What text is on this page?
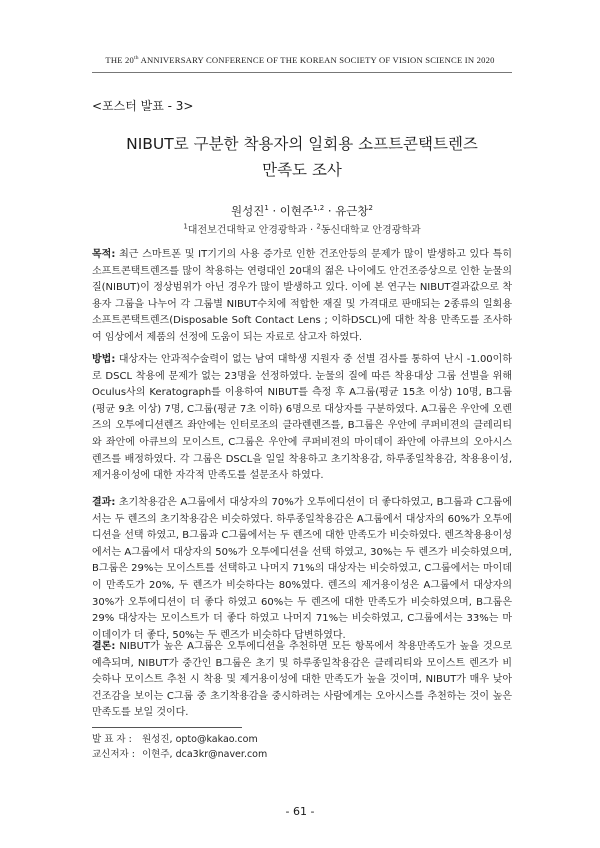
THE 20th ANNIVERSARY CONFERENCE OF THE KOREAN SOCIETY OF VISION SCIENCE IN 2020
<포스터 발표 - 3>
NIBUT로 구분한 착용자의 일회용 소프트콘택트렌즈
만족도 조사
원성진$^1$ · 이현주$^{1,2}$ · 유근창$^2$
$^1$대전보건대학교 안경광학과 · $^2$동신대학교 안경광학과

목적: 최근 스마트폰 및 IT기기의 사용 증가로 인한 건조안등의 문제가 많이 발생하고 있다 특히 소프트콘택트렌즈를 많이 착용하는 연령대인 20대의 젊은 나이에도 안건조증상으로 인한 눈물의 질(NIBUT)이 정상범위가 아닌 경우가 많이 발생하고 있다. 이에 본 연구는 NIBUT결과값으로 착용자 그룹을 나누어 각 그룹별 NIBUT수치에 적합한 재질 및 가격대로 판매되는 2종류의 일회용소프트콘택트렌즈(Disposable Soft Contact Lens ; 이하DSCL)에 대한 착용 만족도를 조사하여 임상에서 제품의 선정에 도움이 되는 자료로 삼고자 하였다.

방법: 대상자는 안과적수술력이 없는 남여 대학생 지원자 중 선별 검사를 통하여 난시 -1.00이하로 DSCL 착용에 문제가 없는 23명을 선정하였다. 눈물의 질에 따른 착용대상 그룹 선별을 위해 Oculus사의 Keratograph를 이용하여 NIBUT를 측정 후 A그룹(평균 15초 이상) 10명, B그룹(평균 9초 이상) 7명, C그룹(평균 7초 이하) 6명으로 대상자를 구분하였다. A그룹은 우안에 오렌즈의 오투에디션렌즈 좌안에는 인터로조의 클라렌렌즈를, B그룹은 우안에 쿠퍼비젼의 클레리티와 좌안에 아큐브의 모이스트, C그룹은 우안에 쿠퍼비젼의 마이데이 좌안에 아큐브의 오아시스 렌즈를 배정하였다. 각 그룹은 DSCL을 일일 착용하고 초기착용감, 하루종일착용감, 착용용이성, 제거용이성에 대한 자각적 만족도를 설문조사 하였다.

결과: 초기착용감은 A그룹에서 대상자의 70%가 오투에디션이 더 좋다하였고, B그룹과 C그룹에서는 두 렌즈의 초기착용감은 비슷하였다. 하루종일착용감은 A그룹에서 대상자의 60%가 오투에디션을 선택 하였고, B그룹과 C그룹에서는 두 렌즈에 대한 만족도가 비슷하였다. 렌즈착용용이성에서는 A그룹에서 대상자의 50%가 오투에디션을 선택 하였고, 30%는 두 렌즈가 비슷하였으며, B그룹은 29%는 모이스트를 선택하고 나머지 71%의 대상자는 비슷하였고, C그룹에서는 마이데이 만족도가 20%, 두 렌즈가 비슷하다는 80%였다. 렌즈의 제거용이성은 A그룹에서 대상자의 30%가 오투에디션이 더 좋다 하였고 60%는 두 렌즈에 대한 만족도가 비슷하였으며, B그룹은 29% 대상자는 모이스트가 더 좋다 하였고 나머지 71%는 비슷하였고, C그룹에서는 33%는 마이데이가 더 좋다, 50%는 두 렌즈가 비슷하다 답변하였다.

결론: NIBUT가 높은 A그룹은 오투에디션을 추천하면 모든 항목에서 착용만족도가 높을 것으로 예측되며, NIBUT가 중간인 B그룹은 초기 및 하루종일착용감은 클레리티와 모이스트 렌즈가 비슷하나 모이스트 추천 시 착용 및 제거용이성에 대한 만족도가 높을 것이며, NIBUT가 매우 낮아 건조감을 보이는 C그룹 중 초기착용감을 중시하려는 사람에게는 오아시스를 추천하는 것이 높은 만족도를 보일 것이다.

발 표 자 : 원성진, opto@kakao.com
교신저자 : 이현주, dca3kr@naver.com
- 61 -
